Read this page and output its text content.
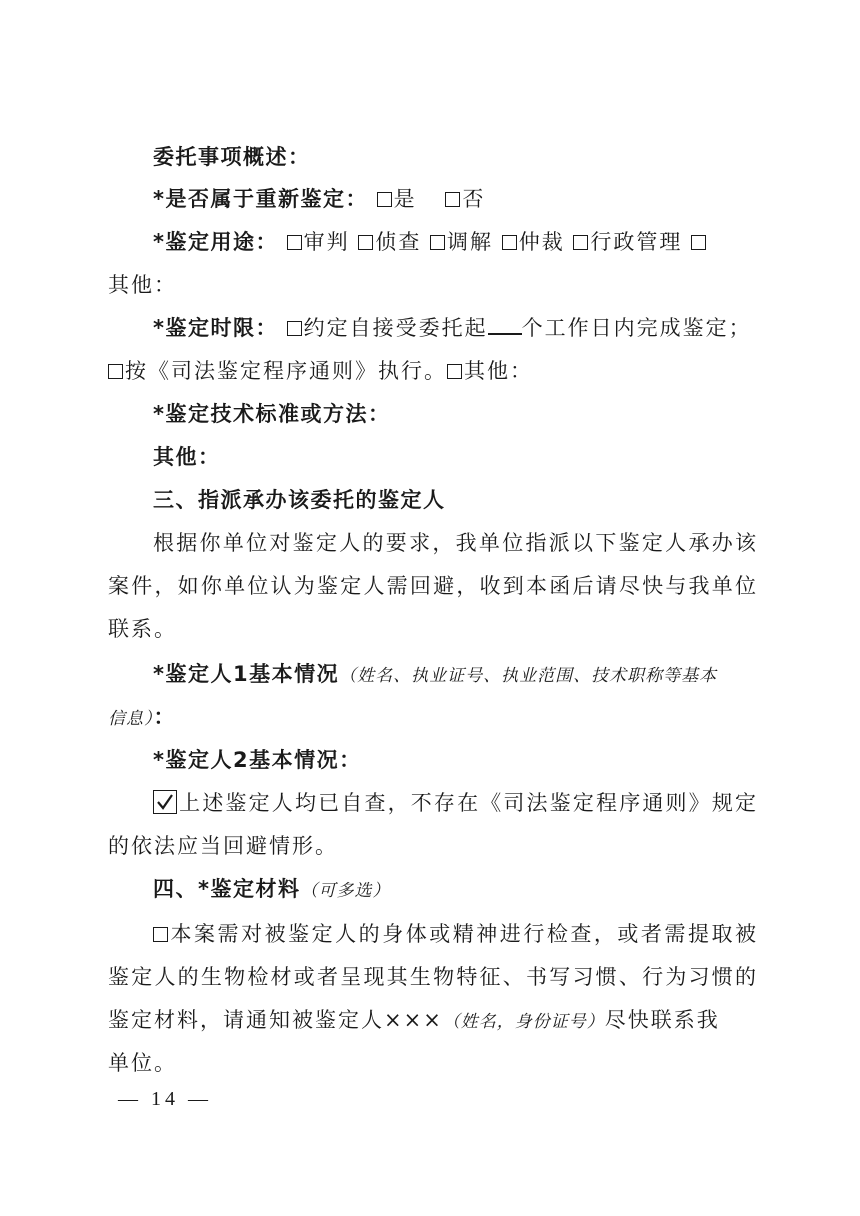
委托事项概述：
*是否属于重新鉴定： 是 否
*鉴定用途： 审判 侦查 调解 仲裁 行政管理
其他：
*鉴定时限： 约定自接受委托起 个工作日内完成鉴定；
按《司法鉴定程序通则》执行。 其他：
*鉴定技术标准或方法：
其他：
三、指派承办该委托的鉴定人
根据你单位对鉴定人的要求，我单位指派以下鉴定人承办该
案件，如你单位认为鉴定人需回避，收到本函后请尽快与我单位
联系。
*鉴定人1基本情况（姓名、执业证号、执业范围、技术职称等基本
信息）：
*鉴定人2基本情况：
上述鉴定人均已自查，不存在《司法鉴定程序通则》规定
的依法应当回避情形。
四、*鉴定材料（可多选）
本案需对被鉴定人的身体或精神进行检查，或者需提取被
鉴定人的生物检材或者呈现其生物特征、书写习惯、行为习惯的
鉴定材料，请通知被鉴定人×××（姓名，身份证号）尽快联系我
单位。
— 14 —
